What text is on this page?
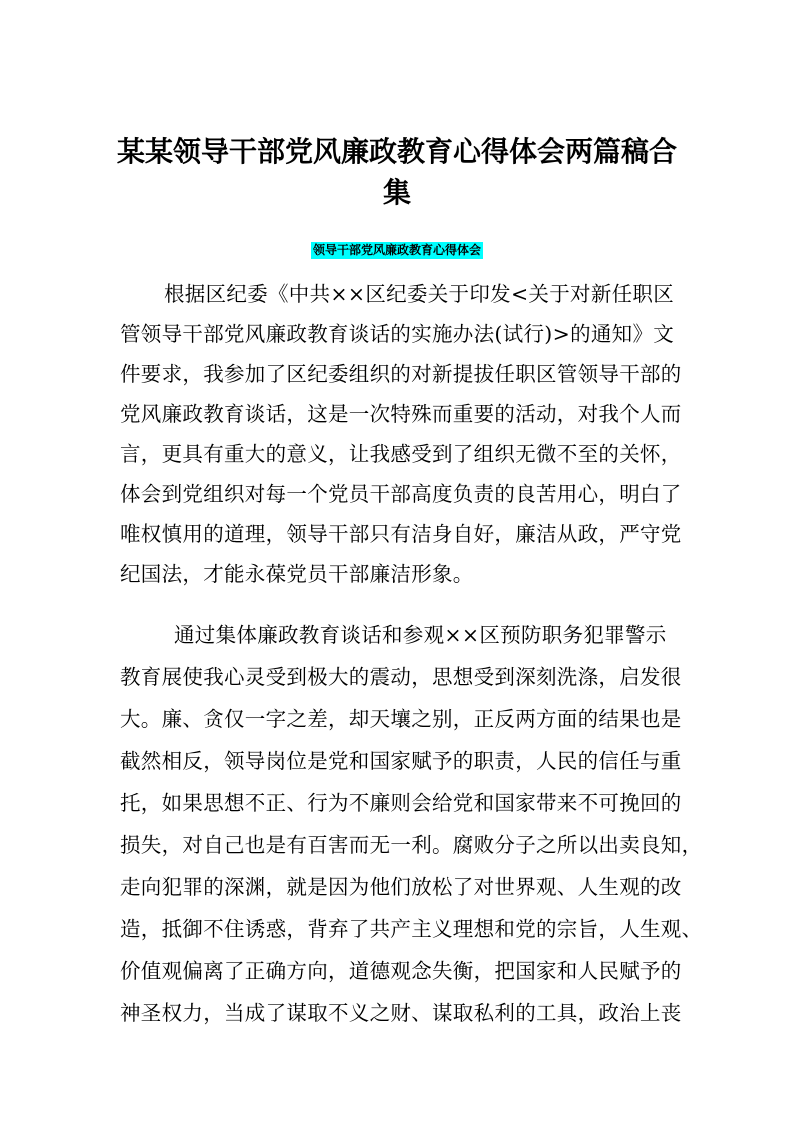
某某领导干部党风廉政教育心得体会两篇稿合
集
领导干部党风廉政教育心得体会
根据区纪委《中共××区纪委关于印发<关于对新任职区
管领导干部党风廉政教育谈话的实施办法(试行)>的通知》文
件要求，我参加了区纪委组织的对新提拔任职区管领导干部的
党风廉政教育谈话，这是一次特殊而重要的活动，对我个人而
言，更具有重大的意义，让我感受到了组织无微不至的关怀，
体会到党组织对每一个党员干部高度负责的良苦用心，明白了
唯权慎用的道理，领导干部只有洁身自好，廉洁从政，严守党
纪国法，才能永葆党员干部廉洁形象。
通过集体廉政教育谈话和参观××区预防职务犯罪警示
教育展使我心灵受到极大的震动，思想受到深刻洗涤，启发很
大。廉、贪仅一字之差，却天壤之别，正反两方面的结果也是
截然相反，领导岗位是党和国家赋予的职责，人民的信任与重
托，如果思想不正、行为不廉则会给党和国家带来不可挽回的
损失，对自己也是有百害而无一利。腐败分子之所以出卖良知，
走向犯罪的深渊，就是因为他们放松了对世界观、人生观的改
造，抵御不住诱惑，背弃了共产主义理想和党的宗旨，人生观、
价值观偏离了正确方向，道德观念失衡，把国家和人民赋予的
神圣权力，当成了谋取不义之财、谋取私利的工具，政治上丧
